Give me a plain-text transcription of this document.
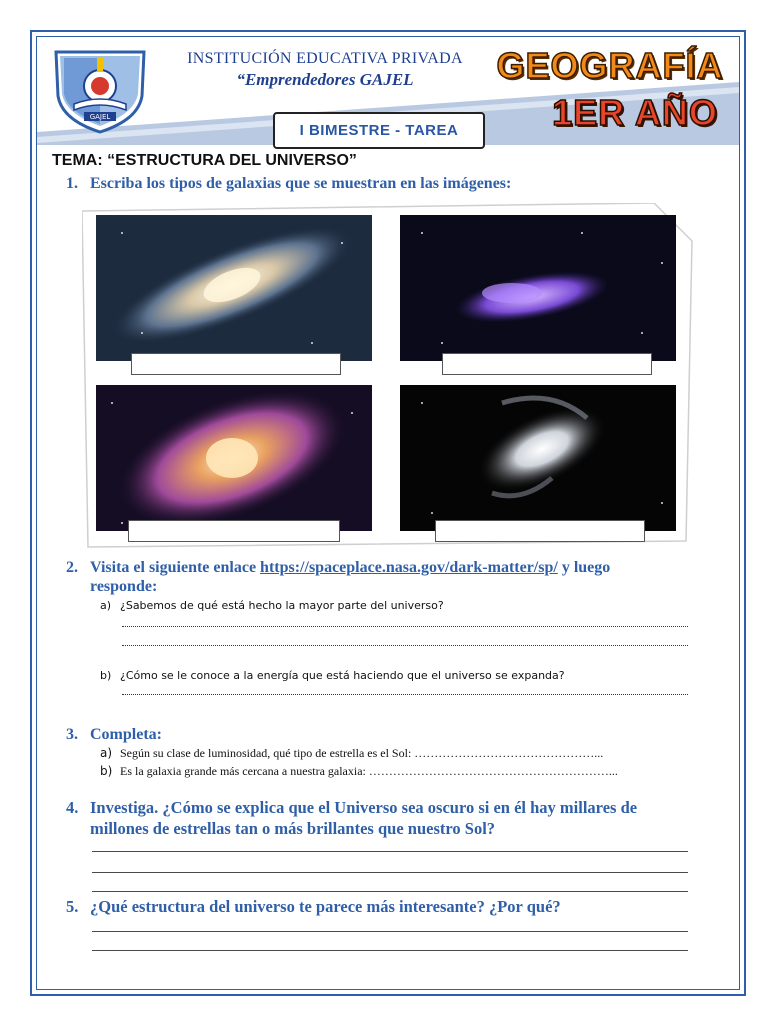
GAJEL
INSTITUCIÓN EDUCATIVA PRIVADA
“Emprendedores GAJEL	GEOGRAFÍA
1ER AÑO
I BIMESTRE - TAREA
TEMA: “ESTRUCTURA DEL UNIVERSO”
1. Escriba los tipos de galaxias que se muestran en las imágenes:
2. Visita el siguiente enlace https://spaceplace.nasa.gov/dark-matter/sp/ y luego
responde:
a) ¿Sabemos de qué está hecho la mayor parte del universo?
b) ¿Cómo se le conoce a la energía que está haciendo que el universo se expanda?
3. Completa:
a) Según su clase de luminosidad, qué tipo de estrella es el Sol: ………………………………………...
b) Es la galaxia grande más cercana a nuestra galaxia: ……………………………………………………...
4. Investiga. ¿Cómo se explica que el Universo sea oscuro si en él hay millares de
millones de estrellas tan o más brillantes que nuestro Sol?
5. ¿Qué estructura del universo te parece más interesante? ¿Por qué?
